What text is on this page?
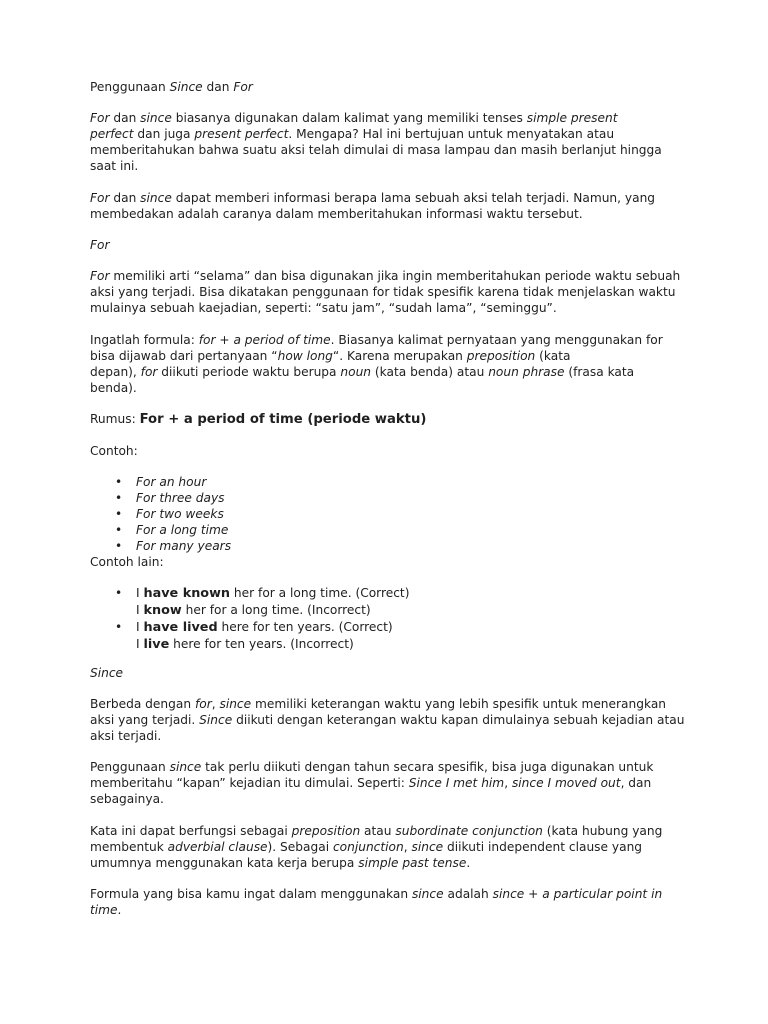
Penggunaan Since dan For

For dan since biasanya digunakan dalam kalimat yang memiliki tenses simple present
perfect dan juga present perfect. Mengapa? Hal ini bertujuan untuk menyatakan atau
memberitahukan bahwa suatu aksi telah dimulai di masa lampau dan masih berlanjut hingga
saat ini.

For dan since dapat memberi informasi berapa lama sebuah aksi telah terjadi. Namun, yang
membedakan adalah caranya dalam memberitahukan informasi waktu tersebut.

For

For memiliki arti “selama” dan bisa digunakan jika ingin memberitahukan periode waktu sebuah
aksi yang terjadi. Bisa dikatakan penggunaan for tidak spesifik karena tidak menjelaskan waktu
mulainya sebuah kaejadian, seperti: “satu jam”, “sudah lama”, “seminggu”.

Ingatlah formula: for + a period of time. Biasanya kalimat pernyataan yang menggunakan for
bisa dijawab dari pertanyaan “how long“. Karena merupakan preposition (kata
depan), for diikuti periode waktu berupa noun (kata benda) atau noun phrase (frasa kata
benda).

Rumus: For + a period of time (periode waktu)

Contoh:

• For an hour
• For three days
• For two weeks
• For a long time
• For many years

Contoh lain:

• I have known her for a long time. (Correct)
I know her for a long time. (Incorrect)
• I have lived here for ten years. (Correct)
I live here for ten years. (Incorrect)

Since

Berbeda dengan for, since memiliki keterangan waktu yang lebih spesifik untuk menerangkan
aksi yang terjadi. Since diikuti dengan keterangan waktu kapan dimulainya sebuah kejadian atau
aksi terjadi.

Penggunaan since tak perlu diikuti dengan tahun secara spesifik, bisa juga digunakan untuk
memberitahu “kapan” kejadian itu dimulai. Seperti: Since I met him, since I moved out, dan
sebagainya.

Kata ini dapat berfungsi sebagai preposition atau subordinate conjunction (kata hubung yang
membentuk adverbial clause). Sebagai conjunction, since diikuti independent clause yang
umumnya menggunakan kata kerja berupa simple past tense.

Formula yang bisa kamu ingat dalam menggunakan since adalah since + a particular point in
time.
